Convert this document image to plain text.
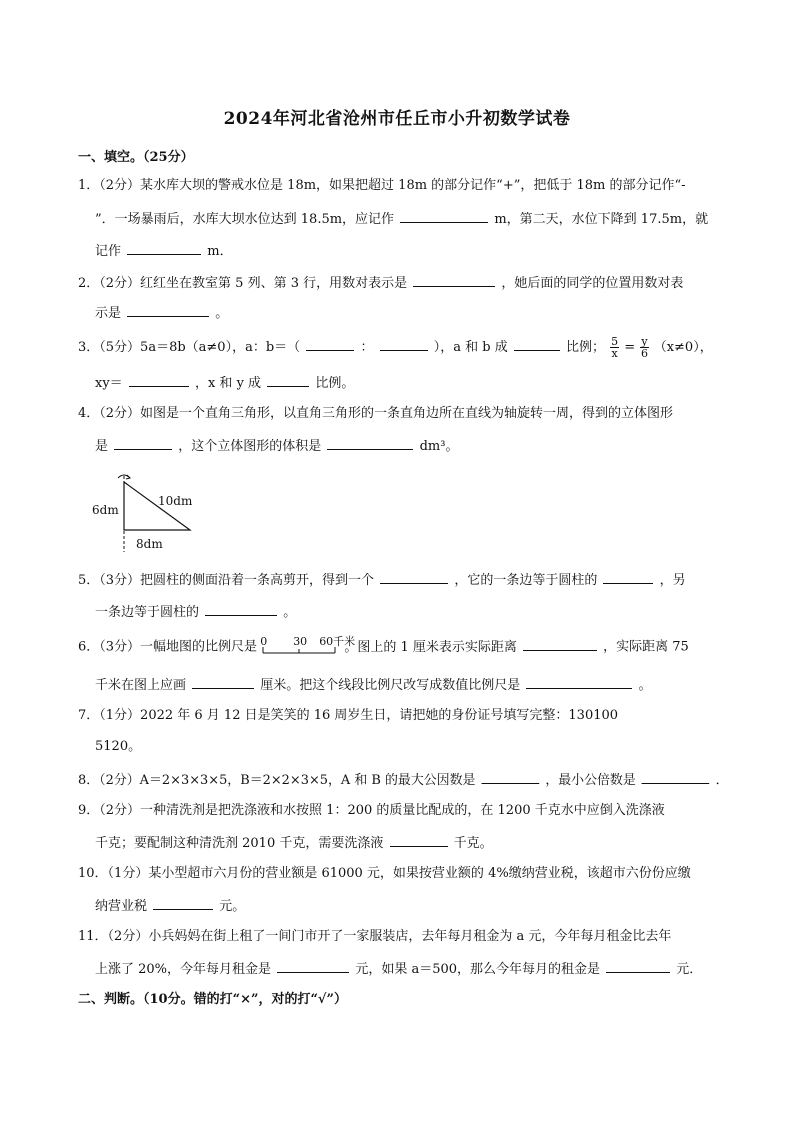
2024年河北省沧州市任丘市小升初数学试卷
一、填空。（25分）
1．（2分）某水库大坝的警戒水位是 18m，如果把超过 18m 的部分记作“+”，把低于 18m 的部分记作“-
”．一场暴雨后，水库大坝水位达到 18.5m，应记作	m，第二天，水位下降到 17.5m，就
记作	m．
2．（2分）红红坐在教室第 5 列、第 3 行，用数对表示是	，她后面的同学的位置用数对表
示是	。
3．（5分）5a＝8b（a≠0），a：b＝（	：	），a 和 b 成	比例； $\frac{5}{x} = \frac{y}{6} (x\ne 0)$，
xy＝	，x 和 y 成	比例。
4．（2分）如图是一个直角三角形，以直角三角形的一条直角边所在直线为轴旋转一周，得到的立体图形
是	，这个立体图形的体积是	dm³。
6dm
10dm
8dm
5．（3分）把圆柱的侧面沿着一条高剪开，得到一个	，它的一条边等于圆柱的	，另
一条边等于圆柱的	。
6．（3分）一幅地图的比例尺是 0 30 60千米
。图上的 1 厘米表示实际距离	，实际距离 75
千米在图上应画	厘米。把这个线段比例尺改写成数值比例尺是	。
7．（1分）2022 年 6 月 12 日是笑笑的 16 周岁生日，请把她的身份证号填写完整：130100
5120。
8．（2分）A＝2×3×3×5，B＝2×2×3×5，A 和 B 的最大公因数是	，最小公倍数是	．
9．（2分）一种清洗剂是把洗涤液和水按照 1：200 的质量比配成的，在 1200 千克水中应倒入洗涤液
千克；要配制这种清洗剂 2010 千克，需要洗涤液	千克。
10．（1分）某小型超市六月份的营业额是 61000 元，如果按营业额的 4%缴纳营业税，该超市六份份应缴
纳营业税	元。
11．（2分）小兵妈妈在街上租了一间门市开了一家服装店，去年每月租金为 a 元，今年每月租金比去年
上涨了 20%，今年每月租金是	元，如果 a＝500，那么今年每月的租金是	元．
二、判断。（10分。错的打“×”，对的打“√”）
